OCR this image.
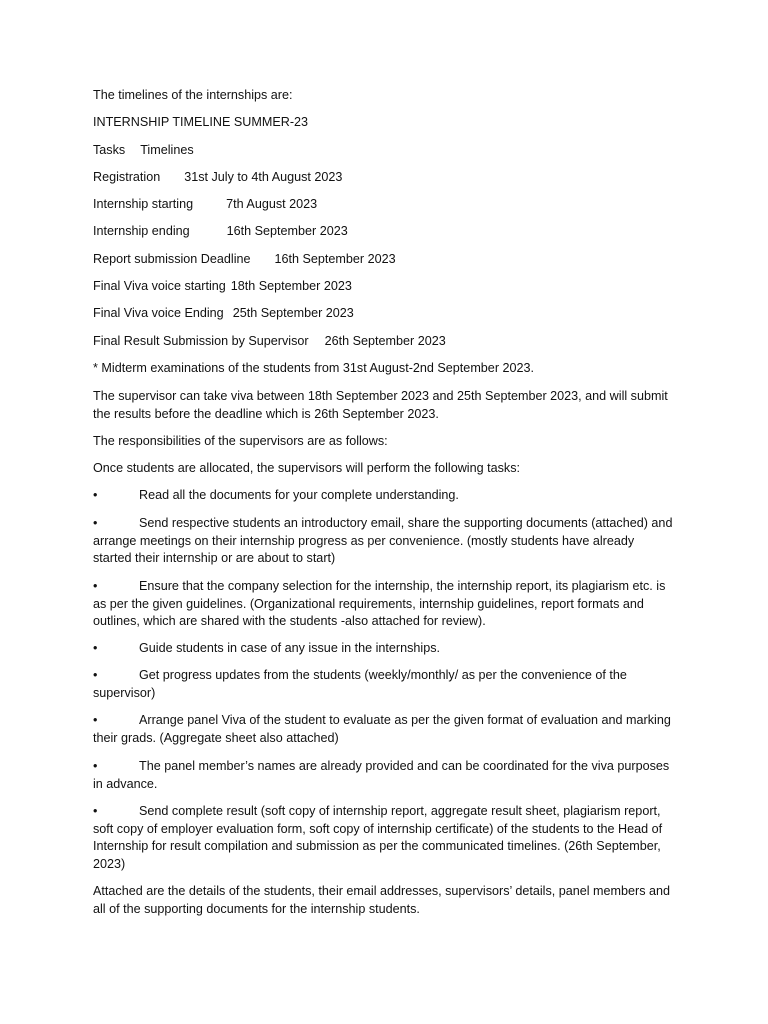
The timelines of the internships are:
INTERNSHIP TIMELINE SUMMER-23
Tasks Timelines
Registration 31st July to 4th August 2023
Internship starting	7th August 2023
Internship ending	16th September 2023
Report submission Deadline 16th September 2023
Final Viva voice starting 18th September 2023
Final Viva voice Ending 25th September 2023
Final Result Submission by Supervisor 26th September 2023
* Midterm examinations of the students from 31st August-2nd September 2023.
The supervisor can take viva between 18th September 2023 and 25th September 2023, and will submit the results before the deadline which is 26th September 2023.
The responsibilities of the supervisors are as follows:
Once students are allocated, the supervisors will perform the following tasks:
•	Read all the documents for your complete understanding.
•	Send respective students an introductory email, share the supporting documents (attached) and arrange meetings on their internship progress as per convenience. (mostly students have already started their internship or are about to start)
•	Ensure that the company selection for the internship, the internship report, its plagiarism etc. is as per the given guidelines. (Organizational requirements, internship guidelines, report formats and outlines, which are shared with the students -also attached for review).
•	Guide students in case of any issue in the internships.
•	Get progress updates from the students (weekly/monthly/ as per the convenience of the supervisor)
•	Arrange panel Viva of the student to evaluate as per the given format of evaluation and marking their grads. (Aggregate sheet also attached)
•	The panel member’s names are already provided and can be coordinated for the viva purposes in advance.
•	Send complete result (soft copy of internship report, aggregate result sheet, plagiarism report, soft copy of employer evaluation form, soft copy of internship certificate) of the students to the Head of Internship for result compilation and submission as per the communicated timelines. (26th September, 2023)
Attached are the details of the students, their email addresses, supervisors’ details, panel members and all of the supporting documents for the internship students.
